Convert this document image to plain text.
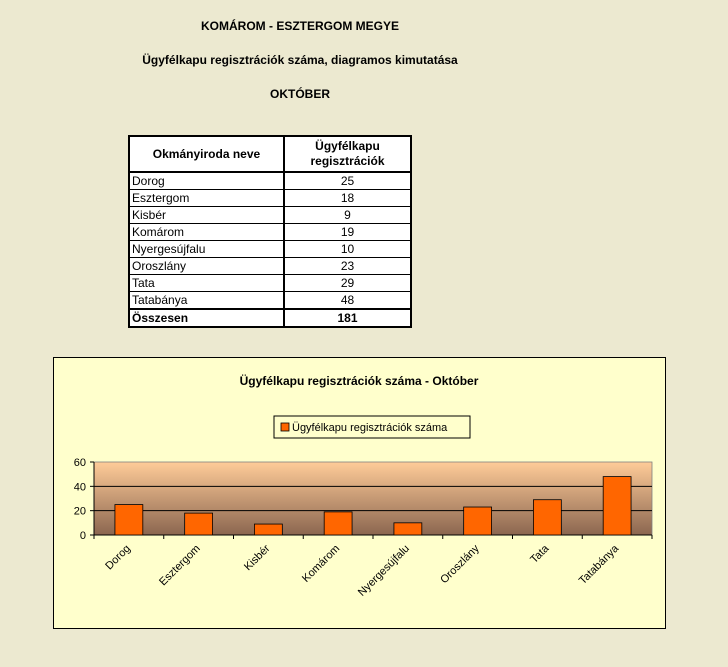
KOMÁROM - ESZTERGOM MEGYE
Ügyfélkapu regisztrációk száma, diagramos kimutatása
OKTÓBER
Okmányiroda neve	Ügyfélkapu
regisztrációk
Dorog	25
Esztergom	18
Kisbér	9
Komárom	19
Nyergesújfalu	10
Oroszlány	23
Tata	29
Tatabánya	48
Összesen	181
Ügyfélkapu regisztrációk száma - Október
Ügyfélkapu regisztrációk száma
0
20
40
60
Dorog Esztergom	Kisbér	Komárom Nyergesújfalu Oroszlány	Tata Tatabánya
